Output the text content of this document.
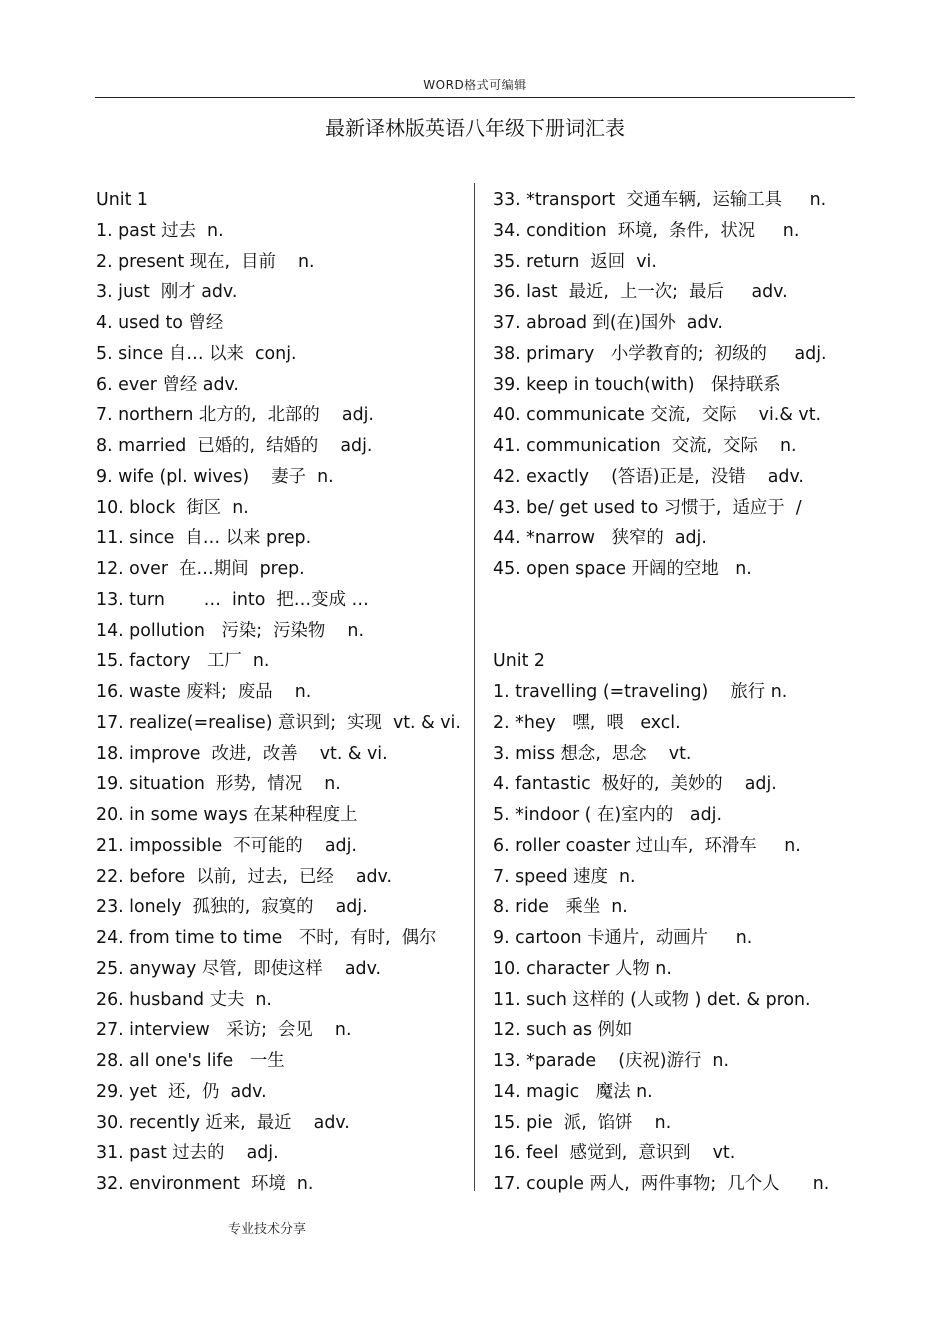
WORD格式可编辑
最新译林版英语八年级下册词汇表
Unit 1
1. past 过去  n.
2. present 现在,  目前    n.
3. just  刚才 adv.
4. used to 曾经
5. since 自… 以来  conj.
6. ever 曾经 adv.
7. northern 北方的,  北部的    adj.
8. married  已婚的,  结婚的    adj.
9. wife (pl. wives)    妻子  n.
10. block  街区  n.
11. since  自… 以来 prep.
12. over  在…期间  prep.
13. turn       …  into  把…变成 …
14. pollution   污染;  污染物    n.
15. factory   工厂  n.
16. waste 废料;  废品    n.
17. realize(=realise) 意识到;  实现  vt. & vi.
18. improve  改进,  改善    vt. & vi.
19. situation  形势,  情况    n.
20. in some ways 在某种程度上
21. impossible  不可能的    adj.
22. before  以前,  过去,  已经    adv.
23. lonely  孤独的,  寂寞的    adj.
24. from time to time   不时,  有时,  偶尔
25. anyway 尽管,  即使这样    adv.
26. husband 丈夫  n.
27. interview   采访;  会见    n.
28. all one's life   一生
29. yet  还,  仍  adv.
30. recently 近来,  最近    adv.
31. past 过去的    adj.
32. environment  环境  n.
33. *transport  交通车辆,  运输工具     n.
34. condition  环境,  条件,  状况     n.
35. return  返回  vi.
36. last  最近,  上一次;  最后     adv.
37. abroad 到(在)国外  adv.
38. primary   小学教育的;  初级的     adj.
39. keep in touch(with)   保持联系
40. communicate 交流,  交际    vi.& vt.
41. communication  交流,  交际    n.
42. exactly    (答语)正是,  没错    adv.
43. be/ get used to 习惯于,  适应于  /
44. *narrow   狭窄的  adj.
45. open space 开阔的空地   n.
Unit 2
1. travelling (=traveling)    旅行 n.
2. *hey   嘿,  喂   excl.
3. miss 想念,  思念    vt.
4. fantastic  极好的,  美妙的    adj.
5. *indoor ( 在)室内的   adj.
6. roller coaster 过山车,  环滑车     n.
7. speed 速度  n.
8. ride   乘坐  n.
9. cartoon 卡通片,  动画片     n.
10. character 人物 n.
11. such 这样的 (人或物 ) det. & pron.
12. such as 例如
13. *parade    (庆祝)游行  n.
14. magic   魔法 n.
15. pie  派,  馅饼    n.
16. feel  感觉到,  意识到    vt.
17. couple 两人,  两件事物;  几个人      n.
专业技术分享
